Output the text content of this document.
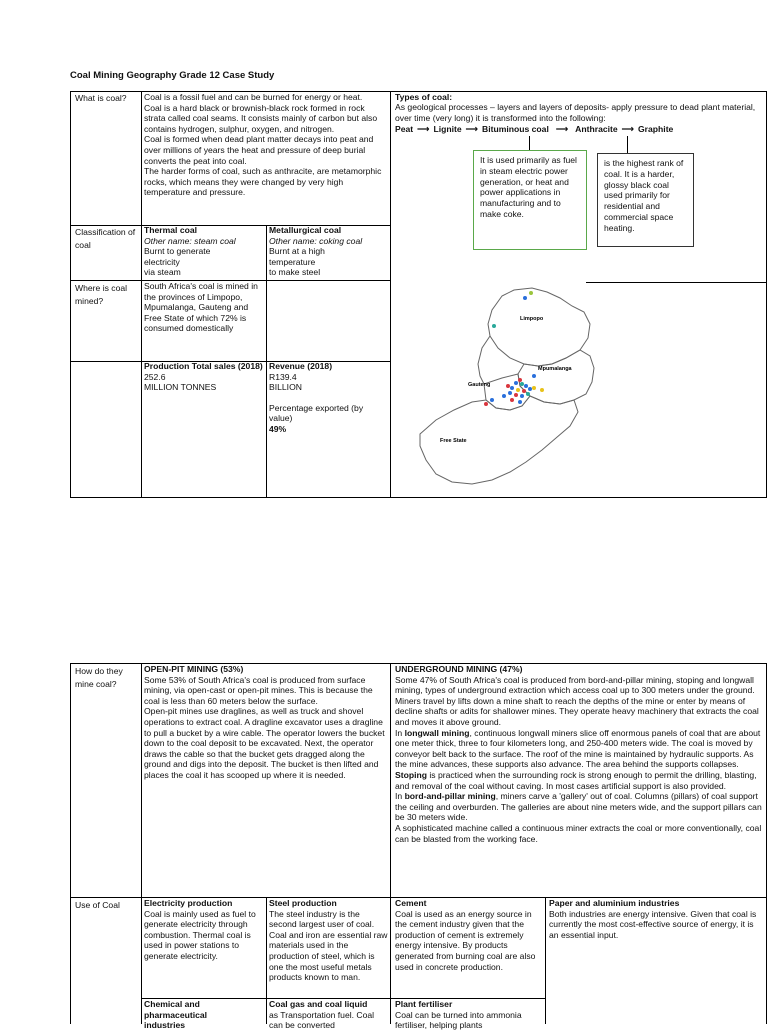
Coal Mining Geography Grade 12 Case Study
What is coal?	Coal is a fossil fuel and can be burned for energy or heat.

Coal is a hard black or brownish-black rock formed in rock strata called coal seams. It consists mainly of carbon but also contains hydrogen, sulphur, oxygen, and nitrogen.

Coal is formed when dead plant matter decays into peat and over millions of years the heat and pressure of deep burial converts the peat into coal.

The harder forms of coal, such as anthracite, are metamorphic rocks, which means they were changed by very high temperature and pressure.

Types of coal:
As geological processes – layers and layers of deposits- apply pressure to dead plant material, over time (very long) it is transformed into the following:
Peat ⟶ Lignite ⟶ Bituminous coal ⟶ Anthracite ⟶ Graphite
It is used primarily as fuel in steam electric power generation, or heat and power applications in manufacturing and to make coke.
is the highest rank of coal. It is a harder, glossy black coal used primarily for residential and commercial space heating.
Classification of coal

Thermal coal

Other name: steam coal

Burnt to generate

electricity

via steam

Metallurgical coal

Other name: coking coal

Burnt at a high

temperature

to make steel

Where is coal mined?
South Africa's coal is mined in the provinces of Limpopo, Mpumalanga, Gauteng and Free State of which 72% is consumed domestically

Production Total sales (2018)

252.6

MILLION TONNES

Revenue (2018)

R139.4

BILLION

Percentage exported (by value)

49%

Limpopo
Mpumalanga
Gauteng
Free State
How do they mine coal?

OPEN-PIT MINING (53%)

Some 53% of South Africa's coal is produced from surface mining, via open-cast or open-pit mines. This is because the coal is less than 60 meters below the surface.

Open-pit mines use draglines, as well as truck and shovel operations to extract coal. A dragline excavator uses a dragline to pull a bucket by a wire cable. The operator lowers the bucket down to the coal deposit to be excavated. Next, the operator draws the cable so that the bucket gets dragged along the ground and digs into the deposit. The bucket is then lifted and places the coal it has scooped up where it is needed.

UNDERGROUND MINING (47%)

Some 47% of South Africa's coal is produced from bord-and-pillar mining, stoping and longwall mining, types of underground extraction which access coal up to 300 meters under the ground.

Miners travel by lifts down a mine shaft to reach the depths of the mine or enter by means of decline shafts or adits for shallower mines. They operate heavy machinery that extracts the coal and moves it above ground.

In longwall mining, continuous longwall miners slice off enormous panels of coal that are about one meter thick, three to four kilometers long, and 250-400 meters wide. The coal is moved by conveyor belt back to the surface. The roof of the mine is maintained by hydraulic supports. As the mine advances, these supports also advance. The area behind the supports collapses.

Stoping is practiced when the surrounding rock is strong enough to permit the drilling, blasting, and removal of the coal without caving. In most cases artificial support is also provided.

In bord-and-pillar mining, miners carve a 'gallery' out of coal. Columns (pillars) of coal support the ceiling and overburden. The galleries are about nine meters wide, and the support pillars can be 30 meters wide.

A sophisticated machine called a continuous miner extracts the coal or more conventionally, coal can be blasted from the working face.

Use of Coal	Electricity production

Coal is mainly used as fuel to generate electricity through combustion. Thermal coal is used in power stations to generate electricity.

Steel production

The steel industry is the second largest user of coal. Coal and iron are essential raw materials used in the production of steel, which is one the most useful metals products known to man.

Cement

Coal is used as an energy source in the cement industry given that the production of cement is extremely energy intensive. By products generated from burning coal are also used in concrete production.

Paper and aluminium industries

Both industries are energy intensive. Given that coal is currently the most cost-effective source of energy, it is an essential input.

Chemical and pharmaceutical

industries

Coal gas and coal liquid

as Transportation fuel. Coal can be converted

Plant fertiliser

Coal can be turned into ammonia fertiliser, helping plants
